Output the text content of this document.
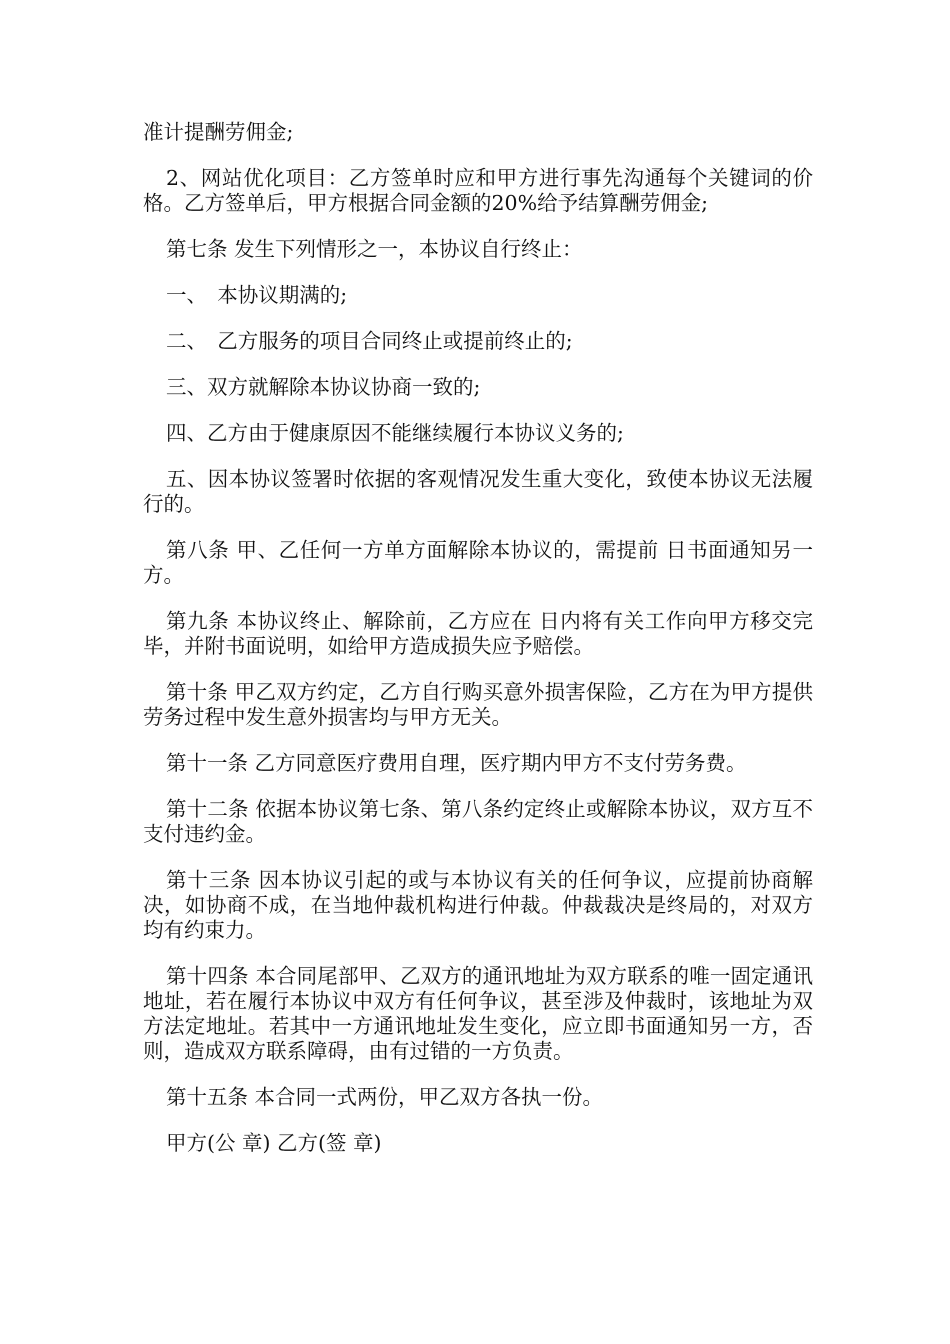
准计提酬劳佣金;

2、网站优化项目：乙方签单时应和甲方进行事先沟通每个关键词的价格。乙方签单后，甲方根据合同金额的20%给予结算酬劳佣金;

第七条 发生下列情形之一，本协议自行终止：

一、　本协议期满的;

二、　乙方服务的项目合同终止或提前终止的;

三、双方就解除本协议协商一致的;

四、乙方由于健康原因不能继续履行本协议义务的;

五、因本协议签署时依据的客观情况发生重大变化，致使本协议无法履行的。

第八条 甲、乙任何一方单方面解除本协议的，需提前 日书面通知另一方。

第九条 本协议终止、解除前，乙方应在 日内将有关工作向甲方移交完毕，并附书面说明，如给甲方造成损失应予赔偿。

第十条 甲乙双方约定，乙方自行购买意外损害保险，乙方在为甲方提供劳务过程中发生意外损害均与甲方无关。

第十一条 乙方同意医疗费用自理，医疗期内甲方不支付劳务费。

第十二条 依据本协议第七条、第八条约定终止或解除本协议，双方互不支付违约金。

第十三条 因本协议引起的或与本协议有关的任何争议，应提前协商解决，如协商不成，在当地仲裁机构进行仲裁。仲裁裁决是终局的，对双方均有约束力。

第十四条 本合同尾部甲、乙双方的通讯地址为双方联系的唯一固定通讯地址，若在履行本协议中双方有任何争议，甚至涉及仲裁时，该地址为双方法定地址。若其中一方通讯地址发生变化，应立即书面通知另一方，否则，造成双方联系障碍，由有过错的一方负责。

第十五条 本合同一式两份，甲乙双方各执一份。

甲方(公 章) 乙方(签 章)
